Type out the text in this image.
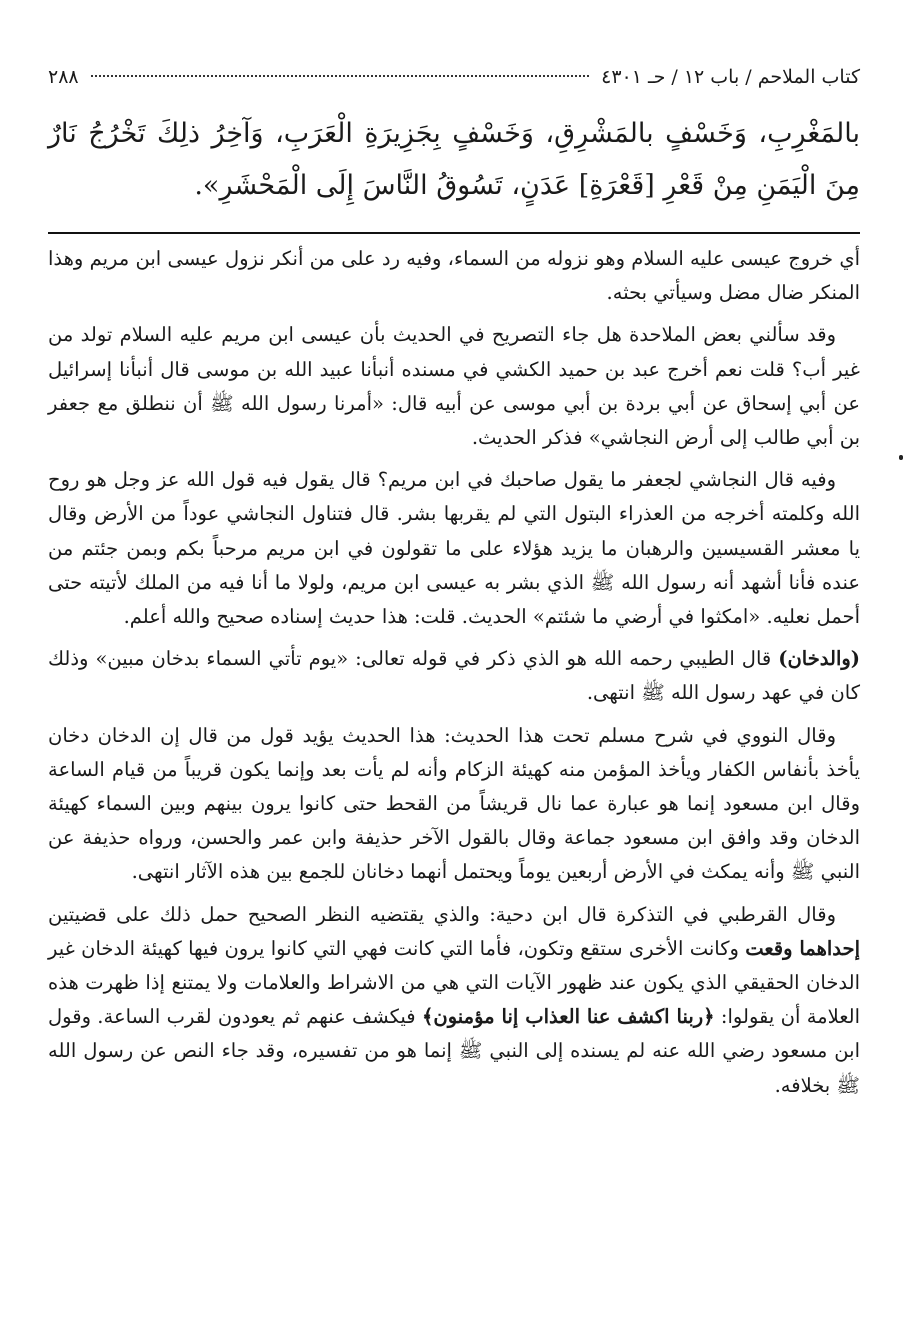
كتاب الملاحم / باب ١٢ / حـ ٤٣٠١
٢٨٨
بالمَغْرِبِ، وَخَسْفٍ بالمَشْرِقِ، وَخَسْفٍ بِجَزِيرَةِ الْعَرَبِ، وَآخِرُ ذلِكَ تَخْرُجُ نَارٌ مِنَ الْيَمَنِ مِنْ قَعْرِ [قَعْرَةِ] عَدَنٍ، تَسُوقُ النَّاسَ إِلَى الْمَحْشَرِ».

أي خروج عيسى عليه السلام وهو نزوله من السماء، وفيه رد على من أنكر نزول عيسى ابن مريم وهذا المنكر ضال مضل وسيأتي بحثه.

وقد سألني بعض الملاحدة هل جاء التصريح في الحديث بأن عيسى ابن مريم عليه السلام تولد من غير أب؟ قلت نعم أخرج عبد بن حميد الكشي في مسنده أنبأنا عبيد الله بن موسى قال أنبأنا إسرائيل عن أبي إسحاق عن أبي بردة بن أبي موسى عن أبيه قال: «أمرنا رسول الله ﷺ أن ننطلق مع جعفر بن أبي طالب إلى أرض النجاشي» فذكر الحديث.

وفيه قال النجاشي لجعفر ما يقول صاحبك في ابن مريم؟ قال يقول فيه قول الله عز وجل هو روح الله وكلمته أخرجه من العذراء البتول التي لم يقربها بشر. قال فتناول النجاشي عوداً من الأرض وقال يا معشر القسيسين والرهبان ما يزيد هؤلاء على ما تقولون في ابن مريم مرحباً بكم وبمن جئتم من عنده فأنا أشهد أنه رسول الله ﷺ الذي بشر به عيسى ابن مريم، ولولا ما أنا فيه من الملك لأتيته حتى أحمل نعليه. «امكثوا في أرضي ما شئتم» الحديث. قلت: هذا حديث إسناده صحيح والله أعلم.

(والدخان) قال الطيبي رحمه الله هو الذي ذكر في قوله تعالى: «يوم تأتي السماء بدخان مبين» وذلك كان في عهد رسول الله ﷺ انتهى.

وقال النووي في شرح مسلم تحت هذا الحديث: هذا الحديث يؤيد قول من قال إن الدخان دخان يأخذ بأنفاس الكفار ويأخذ المؤمن منه كهيئة الزكام وأنه لم يأت بعد وإنما يكون قريباً من قيام الساعة وقال ابن مسعود إنما هو عبارة عما نال قريشاً من القحط حتى كانوا يرون بينهم وبين السماء كهيئة الدخان وقد وافق ابن مسعود جماعة وقال بالقول الآخر حذيفة وابن عمر والحسن، ورواه حذيفة عن النبي ﷺ وأنه يمكث في الأرض أربعين يوماً ويحتمل أنهما دخانان للجمع بين هذه الآثار انتهى.

وقال القرطبي في التذكرة قال ابن دحية: والذي يقتضيه النظر الصحيح حمل ذلك على قضيتين إحداهما وقعت وكانت الأخرى ستقع وتكون، فأما التي كانت فهي التي كانوا يرون فيها كهيئة الدخان غير الدخان الحقيقي الذي يكون عند ظهور الآيات التي هي من الاشراط والعلامات ولا يمتنع إذا ظهرت هذه العلامة أن يقولوا: ﴿ربنا اكشف عنا العذاب إنا مؤمنون﴾ فيكشف عنهم ثم يعودون لقرب الساعة. وقول ابن مسعود رضي الله عنه لم يسنده إلى النبي ﷺ إنما هو من تفسيره، وقد جاء النص عن رسول الله ﷺ بخلافه.
